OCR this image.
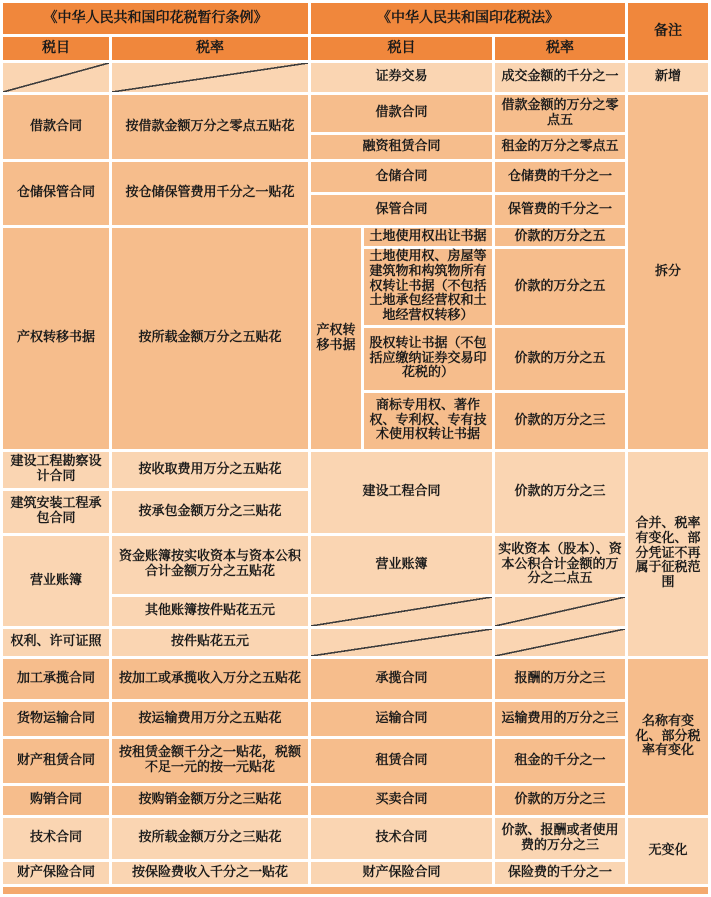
《中华人民共和国印花税暂行条例》		《中华人民共和国印花税法》			备注
税目	税率	税目		税率	
		证券交易		成交金额的千分之一	新增
借款合同	按借款金额万分之零点五贴花	借款合同		借款金额的万分之零点五	拆分
		融资租赁合同		租金的万分之零点五	
仓储保管合同	按仓储保管费用千分之一贴花	仓储合同		仓储费的千分之一	
		保管合同		保管费的千分之一	
产权转移书据	按所载金额万分之五贴花	产权转移书据	土地使用权出让书据	价款的万分之五	
			土地使用权、房屋等建筑物和构筑物所有权转让书据（不包括土地承包经营权和土地经营权转移）	价款的万分之五	
			股权转让书据（不包括应缴纳证券交易印花税的）	价款的万分之五	
			商标专用权、著作权、专利权、专有技术使用权转让书据	价款的万分之三	
建设工程勘察设计合同	按收取费用万分之五贴花	建设工程合同		价款的万分之三	合并、税率有变化、部分凭证不再属于征税范围
建筑安装工程承包合同	按承包金额万分之三贴花				
营业账簿	资金账簿按实收资本与资本公积合计金额万分之五贴花	营业账簿		实收资本（股本）、资本公积合计金额的万分之二点五	
	其他账簿按件贴花五元				
权利、许可证照	按件贴花五元				
加工承揽合同	按加工或承揽收入万分之五贴花	承揽合同		报酬的万分之三	名称有变化、部分税率有变化
货物运输合同	按运输费用万分之五贴花	运输合同		运输费用的万分之三	
财产租赁合同	按租赁金额千分之一贴花，税额不足一元的按一元贴花	租赁合同		租金的千分之一	
购销合同	按购销金额万分之三贴花	买卖合同		价款的万分之三	
技术合同	按所载金额万分之三贴花	技术合同		价款、报酬或者使用费的万分之三	无变化
财产保险合同	按保险费收入千分之一贴花	财产保险合同		保险费的千分之一	
